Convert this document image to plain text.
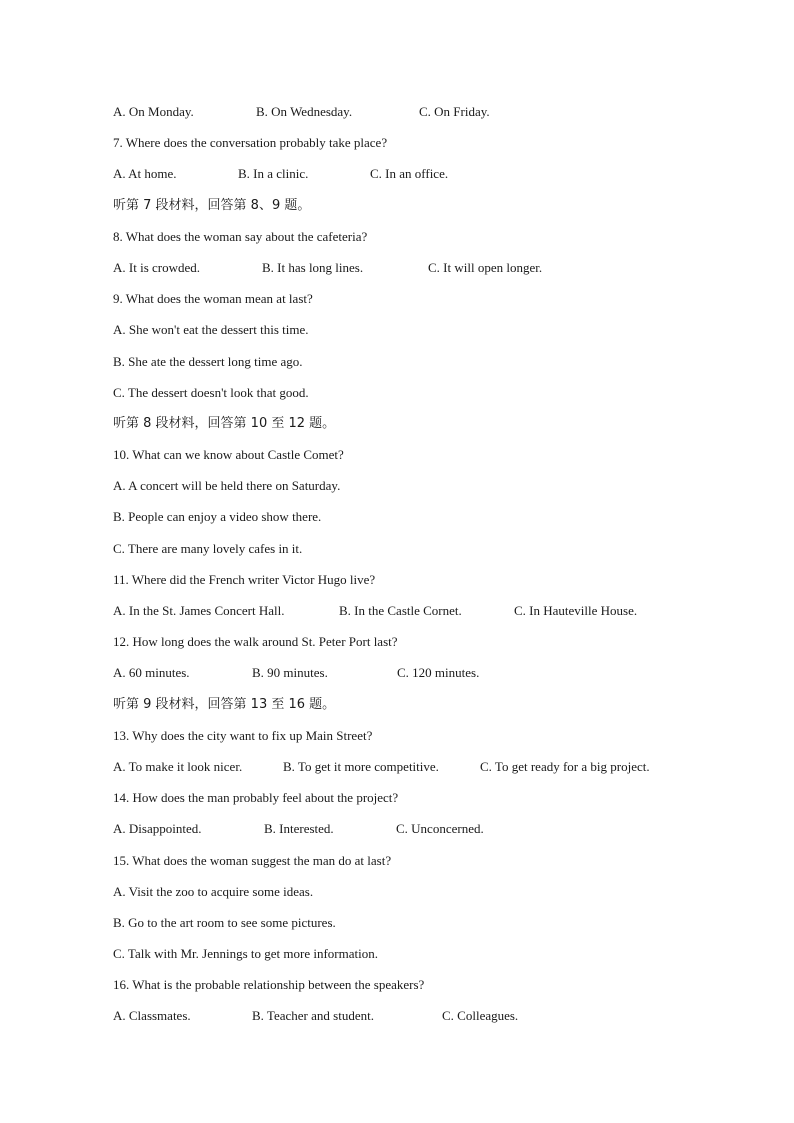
A. On Monday.	B. On Wednesday.	C. On Friday.
7. Where does the conversation probably take place?
A. At home.	B. In a clinic.	C. In an office.
听第 7 段材料，回答第 8、9 题。
8. What does the woman say about the cafeteria?
A. It is crowded.	B. It has long lines.	C. It will open longer.
9. What does the woman mean at last?
A. She won't eat the dessert this time.
B. She ate the dessert long time ago.
C. The dessert doesn't look that good.
听第 8 段材料，回答第 10 至 12 题。
10. What can we know about Castle Comet?
A. A concert will be held there on Saturday.
B. People can enjoy a video show there.
C. There are many lovely cafes in it.
11. Where did the French writer Victor Hugo live?
A. In the St. James Concert Hall.	B. In the Castle Cornet.	C. In Hauteville House.
12. How long does the walk around St. Peter Port last?
A. 60 minutes.	B. 90 minutes.	C. 120 minutes.
听第 9 段材料，回答第 13 至 16 题。
13. Why does the city want to fix up Main Street?
A. To make it look nicer.	B. To get it more competitive.	C. To get ready for a big project.
14. How does the man probably feel about the project?
A. Disappointed.	B. Interested.	C. Unconcerned.
15. What does the woman suggest the man do at last?
A. Visit the zoo to acquire some ideas.
B. Go to the art room to see some pictures.
C. Talk with Mr. Jennings to get more information.
16. What is the probable relationship between the speakers?
A. Classmates.	B. Teacher and student.	C. Colleagues.
